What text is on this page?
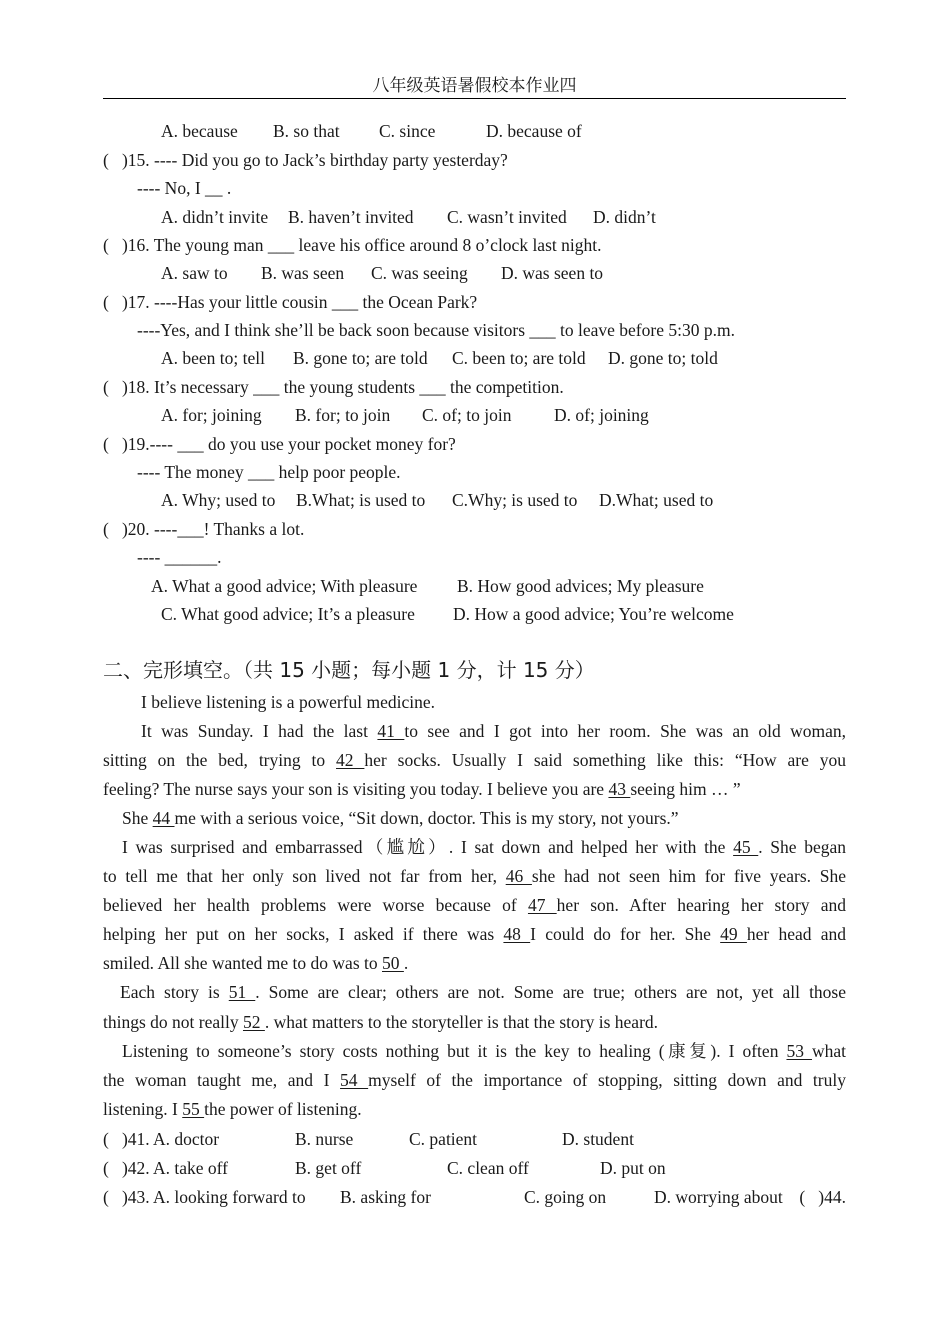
八年级英语暑假校本作业四
A. because B. so that C. since	D. because of
(   )15. ---- Did you go to Jack’s birthday party yesterday?
---- No, I __ .
A. didn’t invite B. haven’t invited C. wasn’t invited D. didn’t
(   )16. The young man ___ leave his office around 8 o’clock last night.
A. saw to B. was seen C. was seeing D. was seen to
(   )17. ----Has your little cousin ___ the Ocean Park?
----Yes, and I think she’ll be back soon because visitors ___ to leave before 5:30 p.m.
A. been to; tell B. gone to; are told C. been to; are told D. gone to; told
(   )18. It’s necessary ___ the young students ___ the competition.
A. for; joining B. for; to join C. of; to join D. of; joining
(   )19.---- ___ do you use your pocket money for?
---- The money ___ help poor people.
A. Why; used to B.What; is used to C.Why; is used to D.What; used to
(   )20. ----___! Thanks a lot.
---- ______.
A. What a good advice; With pleasure B. How good advices; My pleasure
C. What good advice; It’s a pleasure D. How a good advice; You’re welcome
二、完形填空。（共 15 小题；每小题 1 分，计 15 分）
I believe listening is a powerful medicine.
It was Sunday. I had the last 41 to see and I got into her room. She was an old woman,
sitting on the bed, trying to 42 her socks. Usually I said something like this: “How are you
feeling? The nurse says your son is visiting you today. I believe you are 43 seeing him … ”
She 44 me with a serious voice, “Sit down, doctor. This is my story, not yours.”
I was surprised and embarrassed（尴尬）. I sat down and helped her with the 45 . She began
to tell me that her only son lived not far from her, 46 she had not seen him for five years. She
believed her health problems were worse because of 47 her son. After hearing her story and
helping her put on her socks, I asked if there was 48 I could do for her. She 49 her head and
smiled. All she wanted me to do was to 50 .
Each story is 51 . Some are clear; others are not. Some are true; others are not, yet all those
things do not really 52 . what matters to the storyteller is that the story is heard.
Listening to someone’s story costs nothing but it is the key to healing (康复). I often 53 what
the woman taught me, and I 54 myself of the importance of stopping, sitting down and truly
listening. I 55 the power of listening.
(   )41. A. doctor	B. nurse	C. patient	D. student
(   )42. A. take off	B. get off	C. clean off	D. put on
(   )43. A. looking forward to B. asking for	C. going on	D. worrying about (   )44.
